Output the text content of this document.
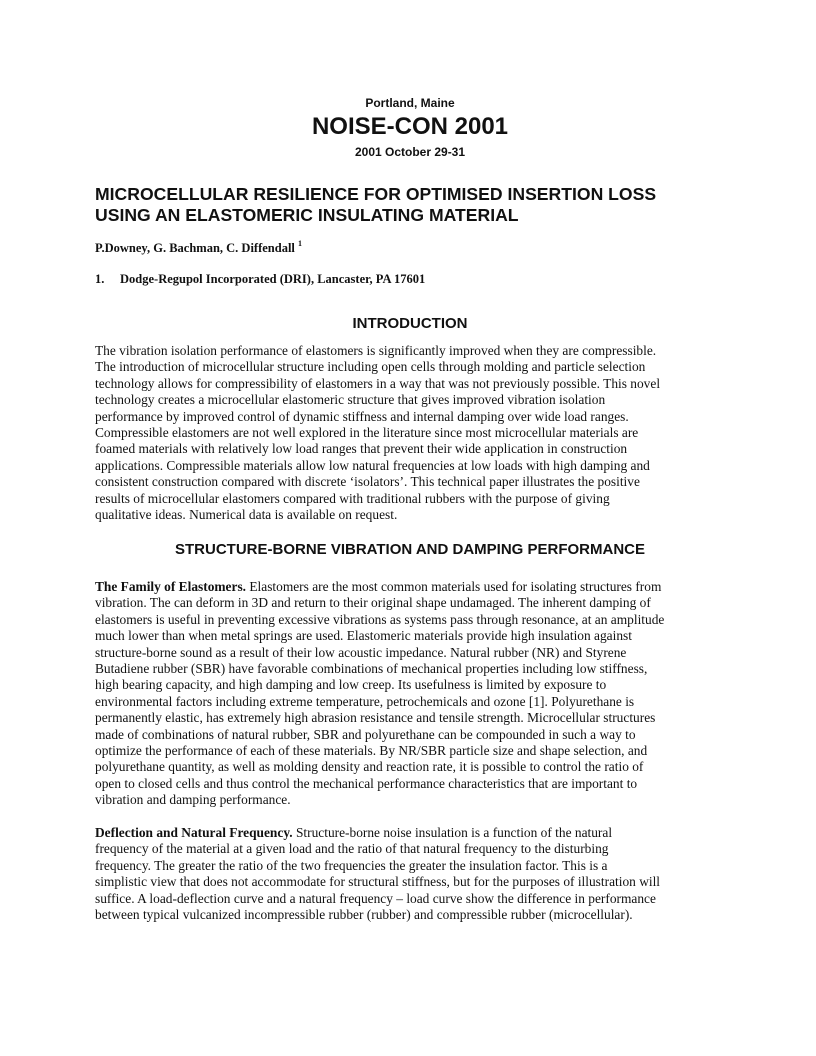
Portland, Maine
NOISE-CON 2001
2001 October 29-31
MICROCELLULAR RESILIENCE FOR OPTIMISED INSERTION LOSS
USING AN ELASTOMERIC INSULATING MATERIAL
P.Downey, G. Bachman, C. Diffendall $^1$
1. Dodge-Regupol Incorporated (DRI), Lancaster, PA 17601
INTRODUCTION
The vibration isolation performance of elastomers is significantly improved when they are compressible.
The introduction of microcellular structure including open cells through molding and particle selection
technology allows for compressibility of elastomers in a way that was not previously possible. This novel
technology creates a microcellular elastomeric structure that gives improved vibration isolation
performance by improved control of dynamic stiffness and internal damping over wide load ranges.
Compressible elastomers are not well explored in the literature since most microcellular materials are
foamed materials with relatively low load ranges that prevent their wide application in construction
applications. Compressible materials allow low natural frequencies at low loads with high damping and
consistent construction compared with discrete ‘isolators’. This technical paper illustrates the positive
results of microcellular elastomers compared with traditional rubbers with the purpose of giving
qualitative ideas. Numerical data is available on request.
STRUCTURE-BORNE VIBRATION AND DAMPING PERFORMANCE
The Family of Elastomers. Elastomers are the most common materials used for isolating structures from
vibration. The can deform in 3D and return to their original shape undamaged. The inherent damping of
elastomers is useful in preventing excessive vibrations as systems pass through resonance, at an amplitude
much lower than when metal springs are used. Elastomeric materials provide high insulation against
structure-borne sound as a result of their low acoustic impedance. Natural rubber (NR) and Styrene
Butadiene rubber (SBR) have favorable combinations of mechanical properties including low stiffness,
high bearing capacity, and high damping and low creep. Its usefulness is limited by exposure to
environmental factors including extreme temperature, petrochemicals and ozone [1]. Polyurethane is
permanently elastic, has extremely high abrasion resistance and tensile strength. Microcellular structures
made of combinations of natural rubber, SBR and polyurethane can be compounded in such a way to
optimize the performance of each of these materials. By NR/SBR particle size and shape selection, and
polyurethane quantity, as well as molding density and reaction rate, it is possible to control the ratio of
open to closed cells and thus control the mechanical performance characteristics that are important to
vibration and damping performance.
Deflection and Natural Frequency. Structure-borne noise insulation is a function of the natural
frequency of the material at a given load and the ratio of that natural frequency to the disturbing
frequency. The greater the ratio of the two frequencies the greater the insulation factor. This is a
simplistic view that does not accommodate for structural stiffness, but for the purposes of illustration will
suffice. A load-deflection curve and a natural frequency – load curve show the difference in performance
between typical vulcanized incompressible rubber (rubber) and compressible rubber (microcellular).
